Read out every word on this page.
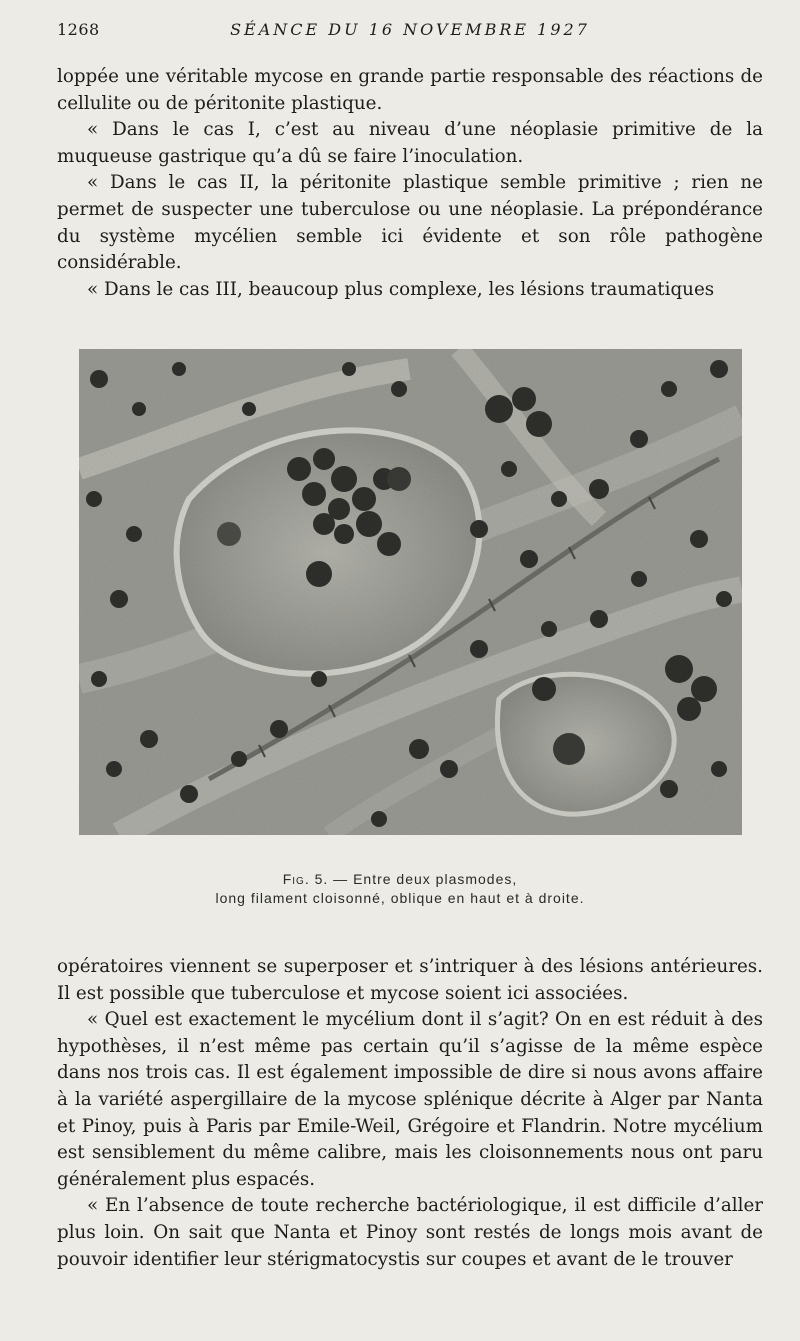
1268	SÉANCE DU 16 NOVEMBRE 1927

loppée une véritable mycose en grande partie responsable des réactions de cellulite ou de péritonite plastique.

« Dans le cas I, c’est au niveau d’une néoplasie primitive de la muqueuse gastrique qu’a dû se faire l’inoculation.

« Dans le cas II, la péritonite plastique semble primitive ; rien ne permet de suspecter une tuberculose ou une néoplasie. La prépondérance du système mycélien semble ici évidente et son rôle pathogène considérable.

« Dans le cas III, beaucoup plus complexe, les lésions traumatiques

Fig. 5. — Entre deux plasmodes,
long filament cloisonné, oblique en haut et à droite.

opératoires viennent se superposer et s’intriquer à des lésions antérieures. Il est possible que tuberculose et mycose soient ici associées.

« Quel est exactement le mycélium dont il s’agit? On en est réduit à des hypothèses, il n’est même pas certain qu’il s’agisse de la même espèce dans nos trois cas. Il est également impossible de dire si nous avons affaire à la variété aspergillaire de la mycose splénique décrite à Alger par Nanta et Pinoy, puis à Paris par Emile-Weil, Grégoire et Flandrin. Notre mycélium est sensiblement du même calibre, mais les cloisonnements nous ont paru généralement plus espacés.

« En l’absence de toute recherche bactériologique, il est difficile d’aller plus loin. On sait que Nanta et Pinoy sont restés de longs mois avant de pouvoir identifier leur stérigmatocystis sur coupes et avant de le trouver
